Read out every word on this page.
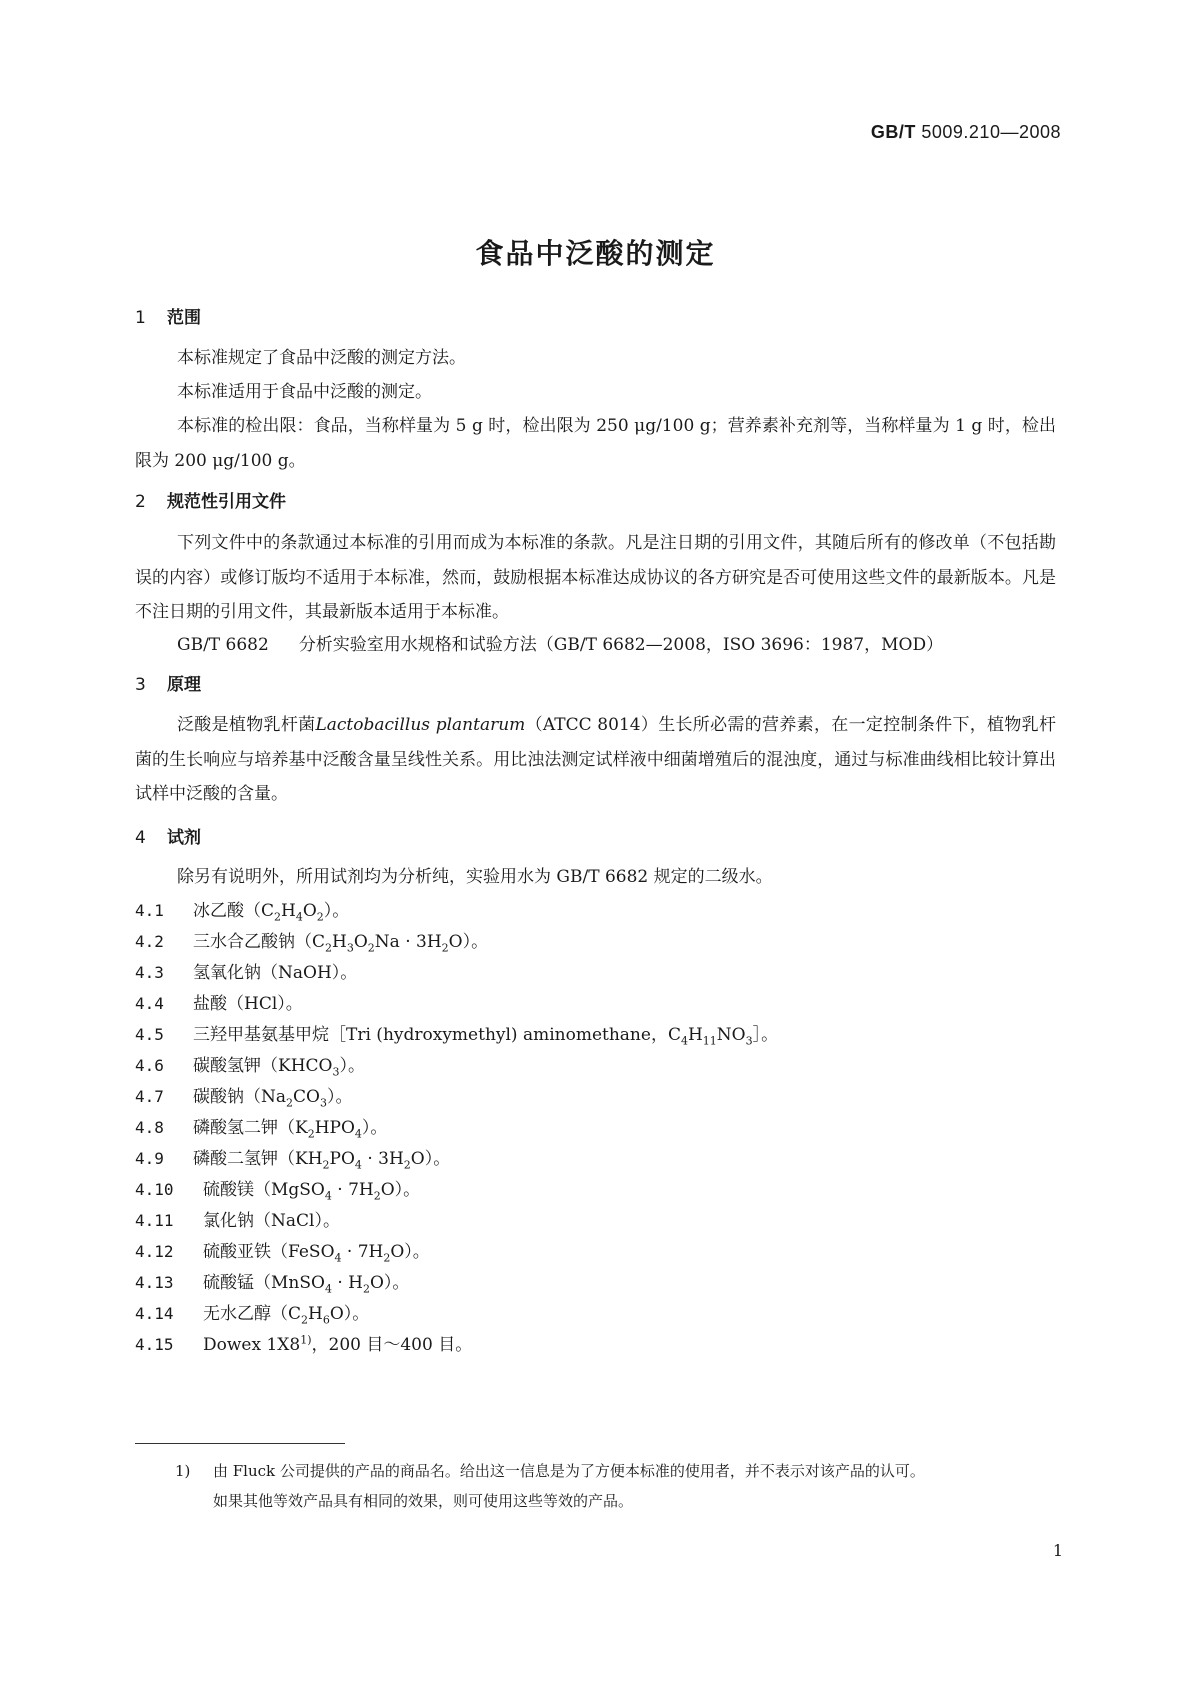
GB/T 5009.210—2008
食品中泛酸的测定
1 范围
本标准规定了食品中泛酸的测定方法。
本标准适用于食品中泛酸的测定。
本标准的检出限：食品，当称样量为 5 g 时，检出限为 250 μg/100 g；营养素补充剂等，当称样量为 1 g 时，检出限为 200 μg/100 g。
2 规范性引用文件
下列文件中的条款通过本标准的引用而成为本标准的条款。凡是注日期的引用文件，其随后所有的修改单（不包括勘误的内容）或修订版均不适用于本标准，然而，鼓励根据本标准达成协议的各方研究是否可使用这些文件的最新版本。凡是不注日期的引用文件，其最新版本适用于本标准。
GB/T 6682 分析实验室用水规格和试验方法（GB/T 6682—2008，ISO 3696：1987，MOD）
3 原理
泛酸是植物乳杆菌Lactobacillus plantarum（ATCC 8014）生长所必需的营养素，在一定控制条件下，植物乳杆菌的生长响应与培养基中泛酸含量呈线性关系。用比浊法测定试样液中细菌增殖后的混浊度，通过与标准曲线相比较计算出试样中泛酸的含量。
4 试剂
除另有说明外，所用试剂均为分析纯，实验用水为 GB/T 6682 规定的二级水。
4.1 冰乙酸$(C_2H_4O_2)$。
4.2 三水合乙酸钠$(C_2H_3O_2Na \cdot 3H_2O)$。
4.3 氢氧化钠（NaOH）。
4.4 盐酸（HCl）。
4.5 三羟甲基氨基甲烷［Tri (hydroxymethyl) aminomethane，$C_4H_{11}NO_3]$。
4.6 碳酸氢钾$(KHCO_3)$。
4.7 碳酸钠$(Na_2CO_3)$。
4.8 磷酸氢二钾$(K_2HPO_4)$。
4.9 磷酸二氢钾$(KH_2PO_4 \cdot 3H_2O)$。
4.10 硫酸镁（MgSO$_4$ · $7H_2O$）。
4.11 氯化钠（NaCl）。
4.12 硫酸亚铁（FeSO$_4$ · $7H_2O$）。
4.13 硫酸锰（MnSO$_4$ · $H_2O$）。
4.14 无水乙醇$(C_2H_6O)$。
4.15 Dowex 1X8$^{1)}$，200 目～400 目。
1) 由 Fluck 公司提供的产品的商品名。给出这一信息是为了方便本标准的使用者，并不表示对该产品的认可。
如果其他等效产品具有相同的效果，则可使用这些等效的产品。
1
